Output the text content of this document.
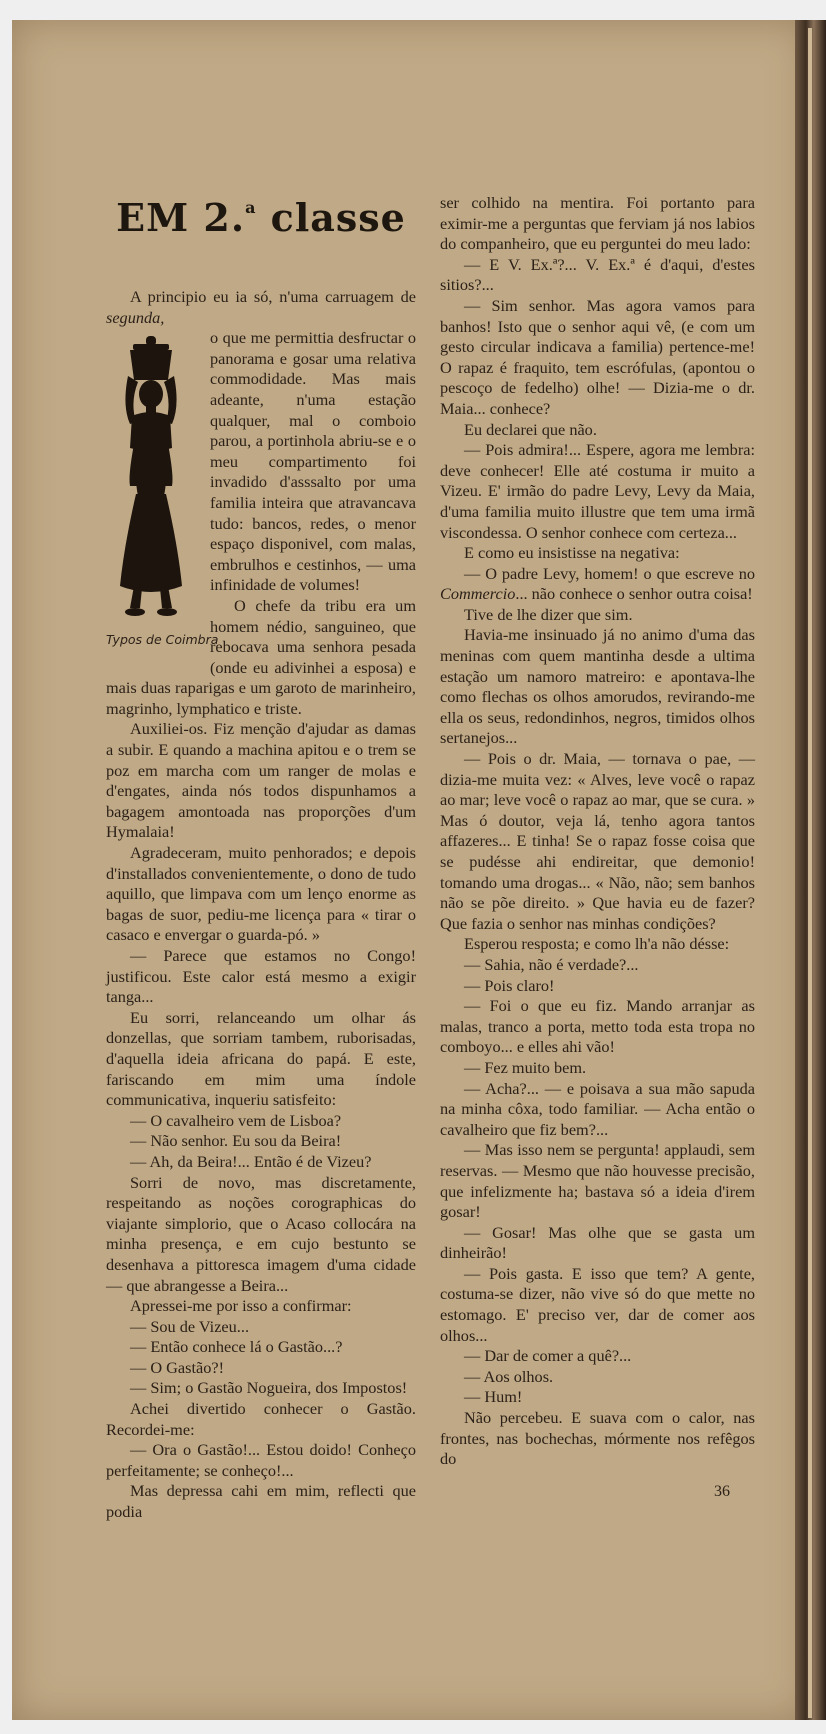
EM 2.$^a$ classe

A principio eu ia só, n'uma carruagem de segunda,

Typos de Coimbra

o que me permittia desfructar o panorama e gosar uma relativa commodidade. Mas mais adeante, n'uma estação qualquer, mal o comboio parou, a portinhola abriu-se e o meu compartimento foi invadido d'asssalto por uma familia inteira que atravancava tudo: bancos, redes, o menor espaço disponivel, com malas, embrulhos e cestinhos, — uma infinidade de volumes!

O chefe da tribu era um homem nédio, sanguineo, que rebocava uma senhora pesada (onde eu adivinhei a esposa) e mais duas raparigas e um garoto de marinheiro, magrinho, lymphatico e triste.

Auxiliei-os. Fiz menção d'ajudar as damas a subir. E quando a machina apitou e o trem se poz em marcha com um ranger de molas e d'engates, ainda nós todos dispunhamos a bagagem amontoada nas proporções d'um Hymalaia!

Agradeceram, muito penhorados; e depois d'installados convenientemente, o dono de tudo aquillo, que limpava com um lenço enorme as bagas de suor, pediu-me licença para « tirar o casaco e envergar o guarda-pó. »

— Parece que estamos no Congo! justificou. Este calor está mesmo a exigir tanga...

Eu sorri, relanceando um olhar ás donzellas, que sorriam tambem, ruborisadas, d'aquella ideia africana do papá. E este, fariscando em mim uma índole communicativa, inqueriu satisfeito:

— O cavalheiro vem de Lisboa?

— Não senhor. Eu sou da Beira!

— Ah, da Beira!... Então é de Vizeu?

Sorri de novo, mas discretamente, respeitando as noções corographicas do viajante simplorio, que o Acaso collocára na minha presença, e em cujo bestunto se desenhava a pittoresca imagem d'uma cidade — que abrangesse a Beira...

Apressei-me por isso a confirmar:

— Sou de Vizeu...

— Então conhece lá o Gastão...?

— O Gastão?!

— Sim; o Gastão Nogueira, dos Impostos!

Achei divertido conhecer o Gastão. Recordei-me:

— Ora o Gastão!... Estou doido! Conheço perfeitamente; se conheço!...

Mas depressa cahi em mim, reflecti que podia

ser colhido na mentira. Foi portanto para eximir-me a perguntas que ferviam já nos labios do companheiro, que eu perguntei do meu lado:

— E V. Ex.ª?... V. Ex.ª é d'aqui, d'estes sitios?...

— Sim senhor. Mas agora vamos para banhos! Isto que o senhor aqui vê, (e com um gesto circular indicava a familia) pertence-me! O rapaz é fraquito, tem escrófulas, (apontou o pescoço de fedelho) olhe! — Dizia-me o dr. Maia... conhece?

Eu declarei que não.

— Pois admira!... Espere, agora me lembra: deve conhecer! Elle até costuma ir muito a Vizeu. E' irmão do padre Levy, Levy da Maia, d'uma familia muito illustre que tem uma irmã viscondessa. O senhor conhece com certeza...

E como eu insistisse na negativa:

— O padre Levy, homem! o que escreve no Commercio... não conhece o senhor outra coisa!

Tive de lhe dizer que sim.

Havia-me insinuado já no animo d'uma das meninas com quem mantinha desde a ultima estação um namoro matreiro: e apontava-lhe como flechas os olhos amorudos, revirando-me ella os seus, redondinhos, negros, timidos olhos sertanejos...

— Pois o dr. Maia, — tornava o pae, — dizia-me muita vez: « Alves, leve você o rapaz ao mar; leve você o rapaz ao mar, que se cura. » Mas ó doutor, veja lá, tenho agora tantos affazeres... E tinha! Se o rapaz fosse coisa que se pudésse ahi endireitar, que demonio! tomando uma drogas... « Não, não; sem banhos não se põe direito. » Que havia eu de fazer? Que fazia o senhor nas minhas condições?

Esperou resposta; e como lh'a não désse:

— Sahia, não é verdade?...

— Pois claro!

— Foi o que eu fiz. Mando arranjar as malas, tranco a porta, metto toda esta tropa no comboyo... e elles ahi vão!

— Fez muito bem.

— Acha?... — e poisava a sua mão sapuda na minha côxa, todo familiar. — Acha então o cavalheiro que fiz bem?...

— Mas isso nem se pergunta! applaudi, sem reservas. — Mesmo que não houvesse precisão, que infelizmente ha; bastava só a ideia d'irem gosar!

— Gosar! Mas olhe que se gasta um dinheirão!

— Pois gasta. E isso que tem? A gente, costuma-se dizer, não vive só do que mette no estomago. E' preciso ver, dar de comer aos olhos...

— Dar de comer a quê?...

— Aos olhos.

— Hum!

Não percebeu. E suava com o calor, nas frontes, nas bochechas, mórmente nos refêgos do

36
